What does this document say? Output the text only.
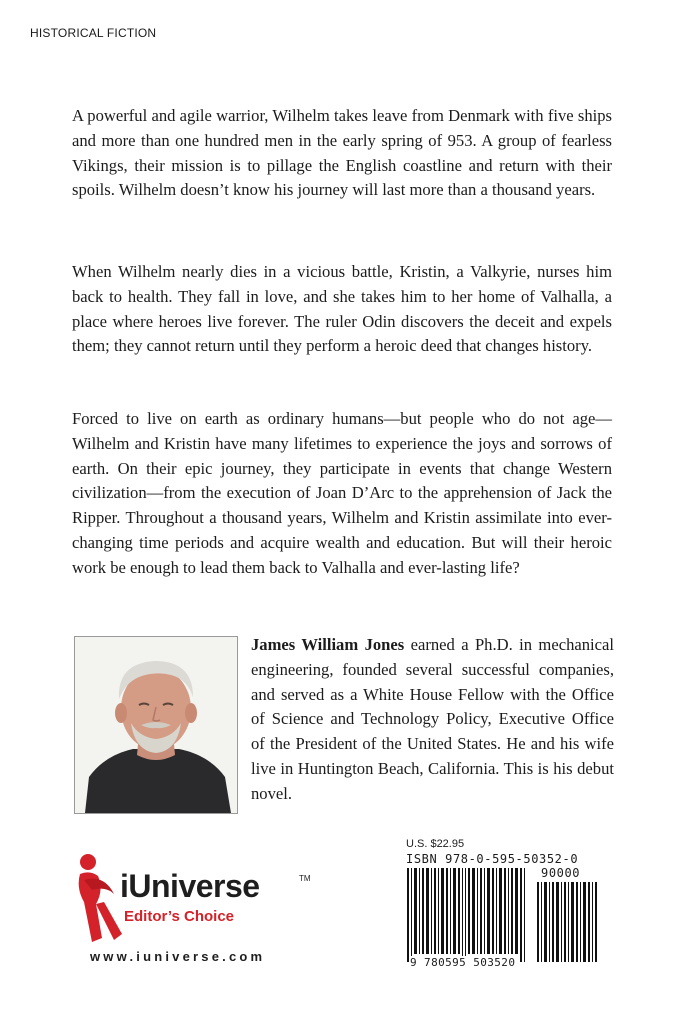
HISTORICAL FICTION

A powerful and agile warrior, Wilhelm takes leave from Denmark with five ships and more than one hundred men in the early spring of 953. A group of fearless Vikings, their mission is to pillage the English coastline and return with their spoils. Wilhelm doesn’t know his journey will last more than a thousand years.

When Wilhelm nearly dies in a vicious battle, Kristin, a Valkyrie, nurses him back to health. They fall in love, and she takes him to her home of Valhalla, a place where heroes live forever. The ruler Odin discovers the deceit and expels them; they cannot return until they perform a heroic deed that changes history.

Forced to live on earth as ordinary humans—but people who do not age—Wilhelm and Kristin have many lifetimes to experience the joys and sorrows of earth. On their epic journey, they participate in events that change Western civilization—from the execution of Joan D’Arc to the apprehension of Jack the Ripper. Throughout a thousand years, Wilhelm and Kristin assimilate into ever-changing time periods and acquire wealth and education. But will their heroic work be enough to lead them back to Valhalla and ever-lasting life?

James William Jones earned a Ph.D. in mechanical engineering, founded several successful companies, and served as a White House Fellow with the Office of Science and Technology Policy, Executive Office of the President of the United States. He and his wife live in Huntington Beach, California. This is his debut novel.

iUniverse	TM
Editor’s Choice
www.iuniverse.com
U.S. $22.95
ISBN 978-0-595-50352-0
90000
9 780595 503520
